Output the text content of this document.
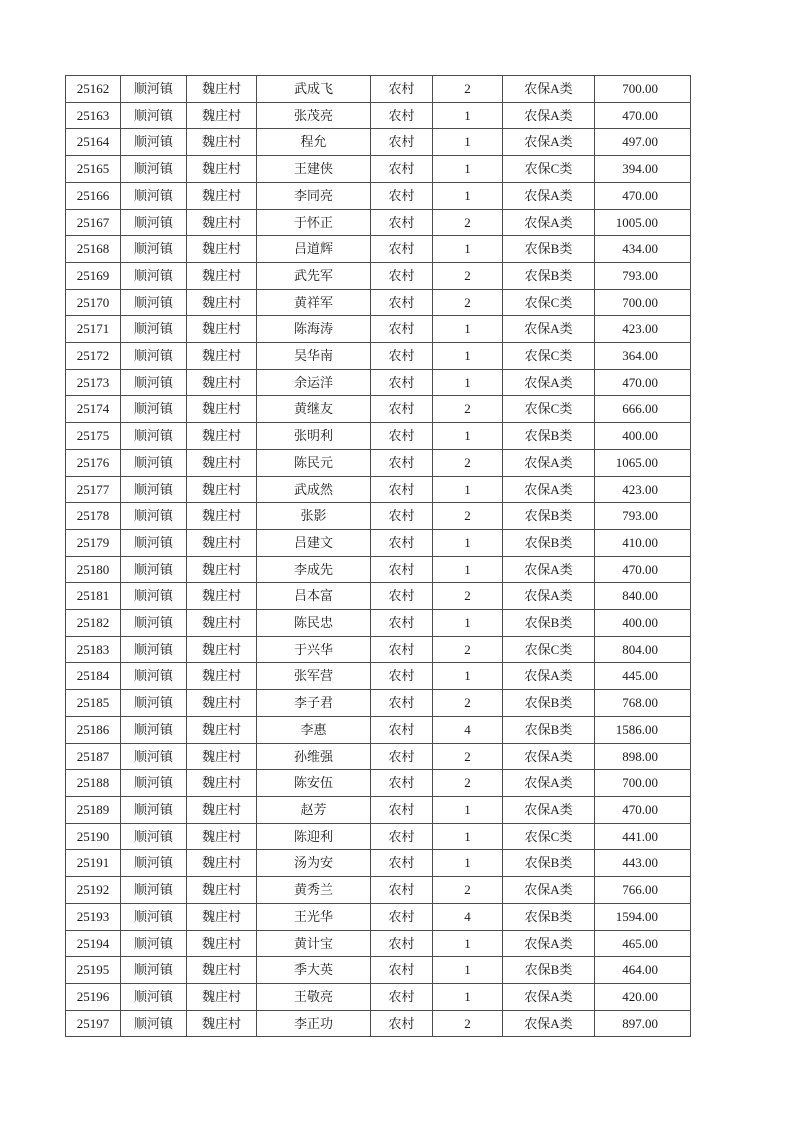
25162	顺河镇	魏庄村	武成飞	农村	2	农保A类	700.00
25163	顺河镇	魏庄村	张茂亮	农村	1	农保A类	470.00
25164	顺河镇	魏庄村	程允	农村	1	农保A类	497.00
25165	顺河镇	魏庄村	王建侠	农村	1	农保C类	394.00
25166	顺河镇	魏庄村	李同亮	农村	1	农保A类	470.00
25167	顺河镇	魏庄村	于怀正	农村	2	农保A类	1005.00
25168	顺河镇	魏庄村	吕道辉	农村	1	农保B类	434.00
25169	顺河镇	魏庄村	武先军	农村	2	农保B类	793.00
25170	顺河镇	魏庄村	黄祥军	农村	2	农保C类	700.00
25171	顺河镇	魏庄村	陈海涛	农村	1	农保A类	423.00
25172	顺河镇	魏庄村	吴华南	农村	1	农保C类	364.00
25173	顺河镇	魏庄村	余运洋	农村	1	农保A类	470.00
25174	顺河镇	魏庄村	黄继友	农村	2	农保C类	666.00
25175	顺河镇	魏庄村	张明利	农村	1	农保B类	400.00
25176	顺河镇	魏庄村	陈民元	农村	2	农保A类	1065.00
25177	顺河镇	魏庄村	武成然	农村	1	农保A类	423.00
25178	顺河镇	魏庄村	张影	农村	2	农保B类	793.00
25179	顺河镇	魏庄村	吕建文	农村	1	农保B类	410.00
25180	顺河镇	魏庄村	李成先	农村	1	农保A类	470.00
25181	顺河镇	魏庄村	吕本富	农村	2	农保A类	840.00
25182	顺河镇	魏庄村	陈民忠	农村	1	农保B类	400.00
25183	顺河镇	魏庄村	于兴华	农村	2	农保C类	804.00
25184	顺河镇	魏庄村	张军营	农村	1	农保A类	445.00
25185	顺河镇	魏庄村	李子君	农村	2	农保B类	768.00
25186	顺河镇	魏庄村	李惠	农村	4	农保B类	1586.00
25187	顺河镇	魏庄村	孙维强	农村	2	农保A类	898.00
25188	顺河镇	魏庄村	陈安伍	农村	2	农保A类	700.00
25189	顺河镇	魏庄村	赵芳	农村	1	农保A类	470.00
25190	顺河镇	魏庄村	陈迎利	农村	1	农保C类	441.00
25191	顺河镇	魏庄村	汤为安	农村	1	农保B类	443.00
25192	顺河镇	魏庄村	黄秀兰	农村	2	农保A类	766.00
25193	顺河镇	魏庄村	王光华	农村	4	农保B类	1594.00
25194	顺河镇	魏庄村	黄计宝	农村	1	农保A类	465.00
25195	顺河镇	魏庄村	季大英	农村	1	农保B类	464.00
25196	顺河镇	魏庄村	王敬亮	农村	1	农保A类	420.00
25197	顺河镇	魏庄村	李正功	农村	2	农保A类	897.00
